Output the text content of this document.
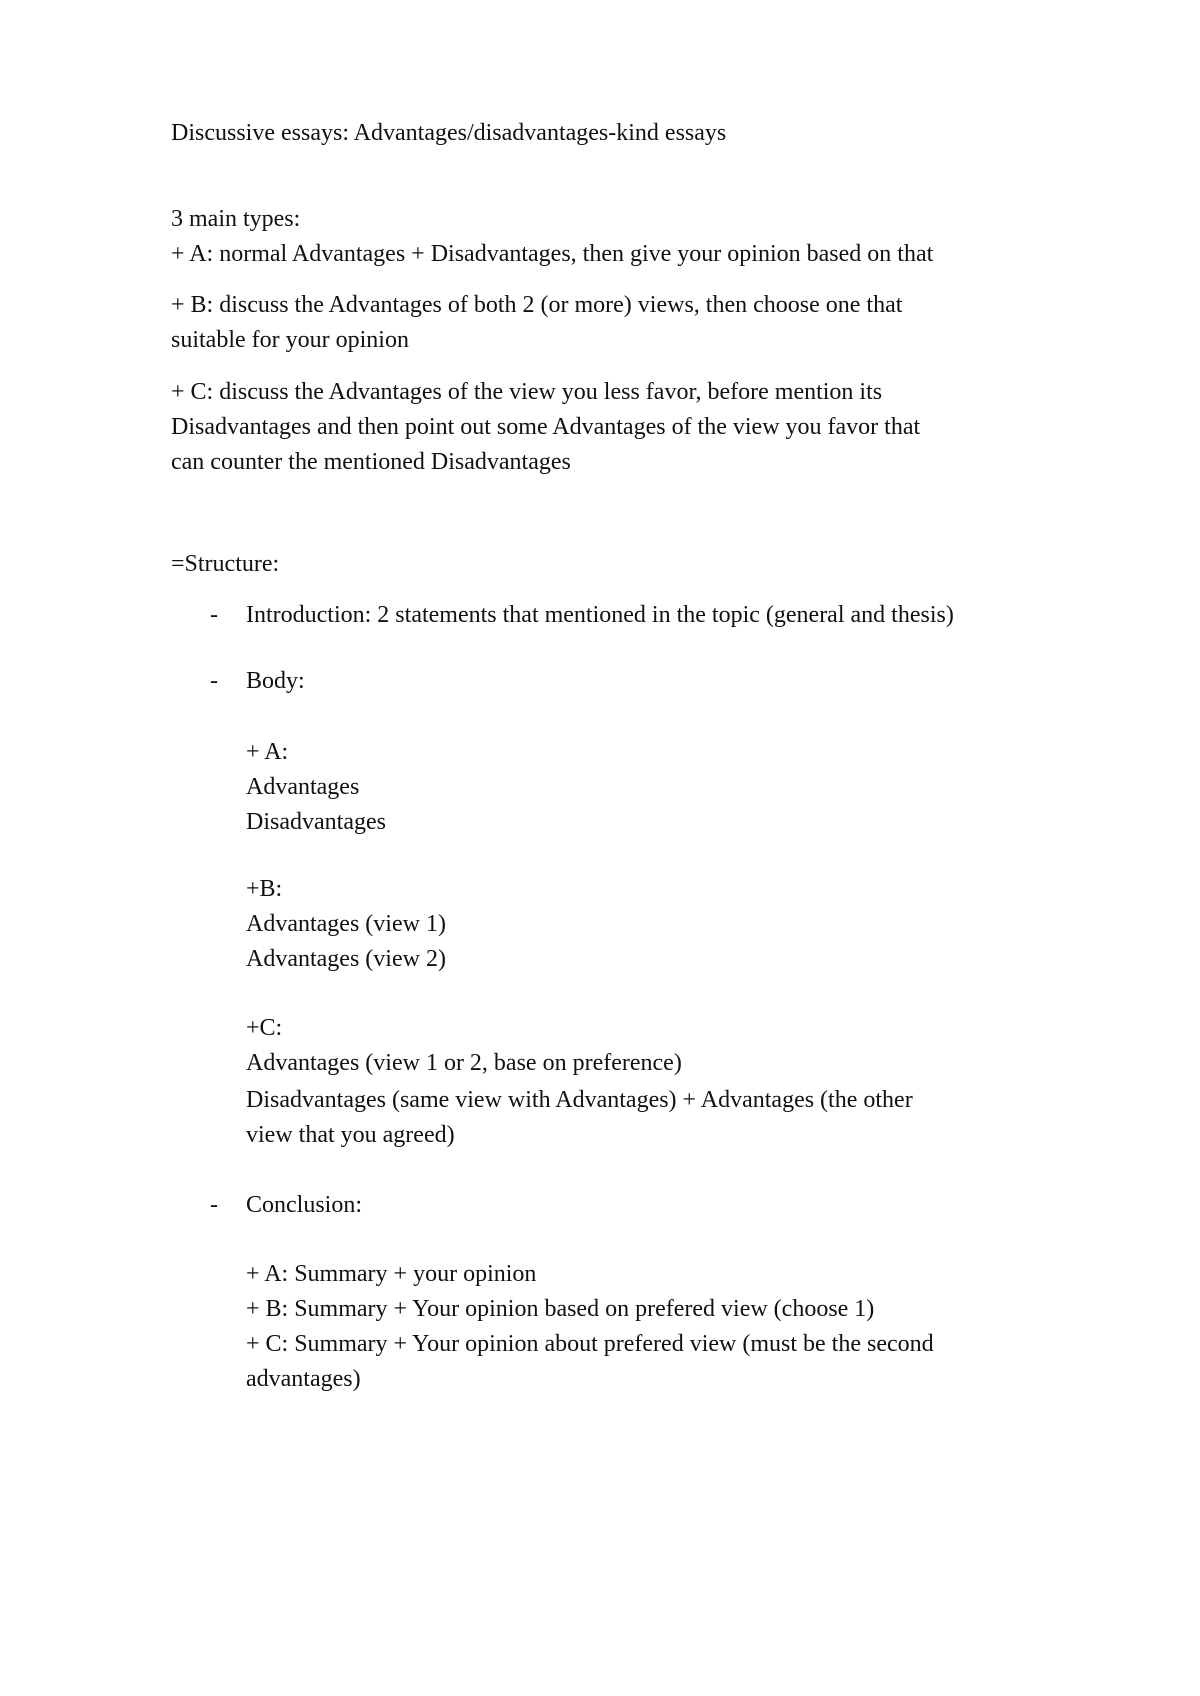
Discussive essays: Advantages/disadvantages-kind essays

3 main types:

+ A: normal Advantages + Disadvantages, then give your opinion based on that

+ B: discuss the Advantages of both 2 (or more) views, then choose one that

suitable for your opinion

+ C: discuss the Advantages of the view you less favor, before mention its

Disadvantages and then point out some Advantages of the view you favor that

can counter the mentioned Disadvantages

=Structure:

- Introduction: 2 statements that mentioned in the topic (general and thesis)

- Body:

+ A:

Advantages

Disadvantages

+B:

Advantages (view 1)

Advantages (view 2)

+C:

Advantages (view 1 or 2, base on preference)

Disadvantages (same view with Advantages) + Advantages (the other

view that you agreed)

- Conclusion:

+ A: Summary + your opinion

+ B: Summary + Your opinion based on prefered view (choose 1)

+ C: Summary + Your opinion about prefered view (must be the second

advantages)
